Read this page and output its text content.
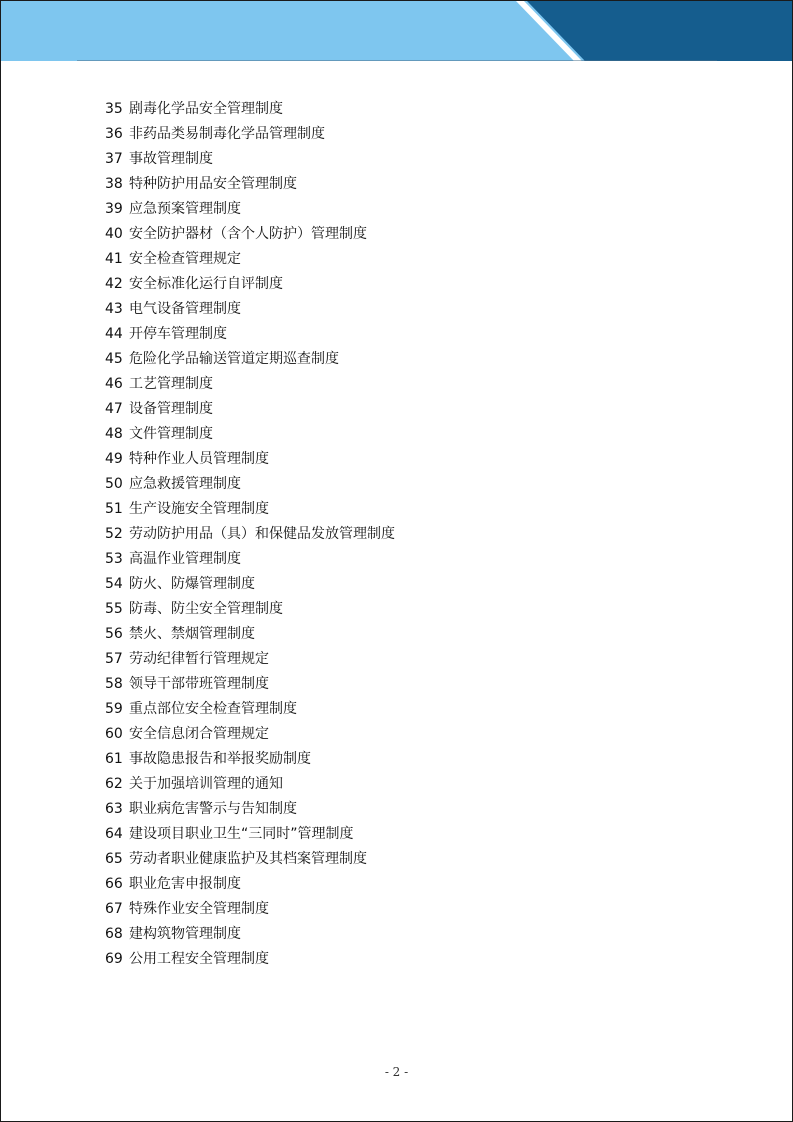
35 剧毒化学品安全管理制度
36 非药品类易制毒化学品管理制度
37 事故管理制度
38 特种防护用品安全管理制度
39 应急预案管理制度
40 安全防护器材（含个人防护）管理制度
41 安全检查管理规定
42 安全标准化运行自评制度
43 电气设备管理制度
44 开停车管理制度
45 危险化学品输送管道定期巡查制度
46 工艺管理制度
47 设备管理制度
48 文件管理制度
49 特种作业人员管理制度
50 应急救援管理制度
51 生产设施安全管理制度
52 劳动防护用品（具）和保健品发放管理制度
53 高温作业管理制度
54 防火、防爆管理制度
55 防毒、防尘安全管理制度
56 禁火、禁烟管理制度
57 劳动纪律暂行管理规定
58 领导干部带班管理制度
59 重点部位安全检查管理制度
60 安全信息闭合管理规定
61 事故隐患报告和举报奖励制度
62 关于加强培训管理的通知
63 职业病危害警示与告知制度
64 建设项目职业卫生“三同时”管理制度
65 劳动者职业健康监护及其档案管理制度
66 职业危害申报制度
67 特殊作业安全管理制度
68 建构筑物管理制度
69 公用工程安全管理制度
- 2 -
